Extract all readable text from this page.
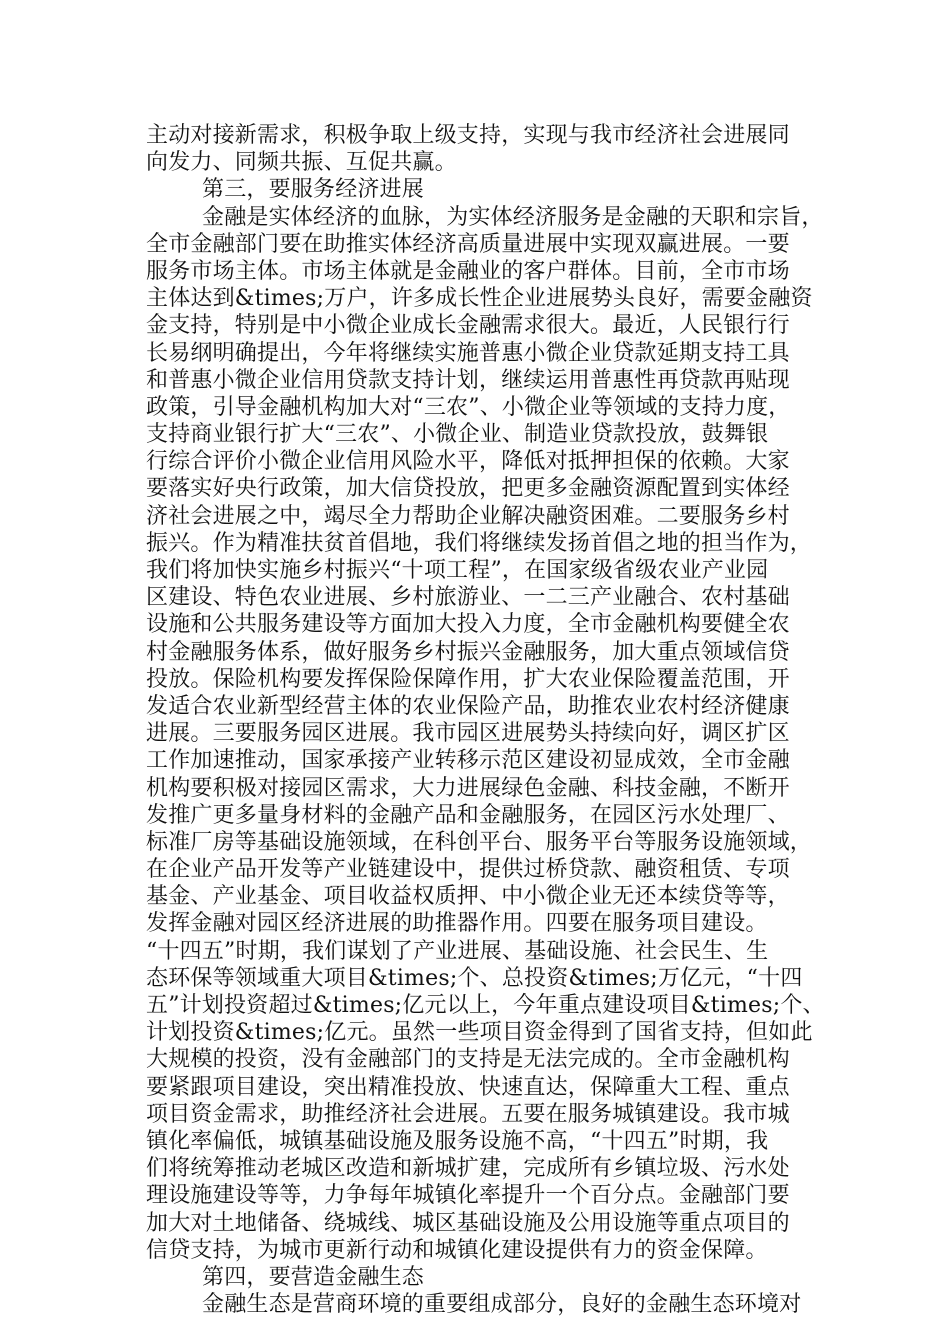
主动对接新需求，积极争取上级支持，实现与我市经济社会进展同
向发力、同频共振、互促共赢。
第三，要服务经济进展
金融是实体经济的血脉，为实体经济服务是金融的天职和宗旨，
全市金融部门要在助推实体经济高质量进展中实现双赢进展。一要
服务市场主体。市场主体就是金融业的客户群体。目前，全市市场
主体达到&times;万户，许多成长性企业进展势头良好，需要金融资
金支持，特别是中小微企业成长金融需求很大。最近，人民银行行
长易纲明确提出，今年将继续实施普惠小微企业贷款延期支持工具
和普惠小微企业信用贷款支持计划，继续运用普惠性再贷款再贴现
政策，引导金融机构加大对“三农”、小微企业等领域的支持力度，
支持商业银行扩大“三农”、小微企业、制造业贷款投放，鼓舞银
行综合评价小微企业信用风险水平，降低对抵押担保的依赖。大家
要落实好央行政策，加大信贷投放，把更多金融资源配置到实体经
济社会进展之中，竭尽全力帮助企业解决融资困难。二要服务乡村
振兴。作为精准扶贫首倡地，我们将继续发扬首倡之地的担当作为，
我们将加快实施乡村振兴“十项工程”，在国家级省级农业产业园
区建设、特色农业进展、乡村旅游业、一二三产业融合、农村基础
设施和公共服务建设等方面加大投入力度，全市金融机构要健全农
村金融服务体系，做好服务乡村振兴金融服务，加大重点领域信贷
投放。保险机构要发挥保险保障作用，扩大农业保险覆盖范围，开
发适合农业新型经营主体的农业保险产品，助推农业农村经济健康
进展。三要服务园区进展。我市园区进展势头持续向好，调区扩区
工作加速推动，国家承接产业转移示范区建设初显成效，全市金融
机构要积极对接园区需求，大力进展绿色金融、科技金融，不断开
发推广更多量身材料的金融产品和金融服务，在园区污水处理厂、
标准厂房等基础设施领域，在科创平台、服务平台等服务设施领域，
在企业产品开发等产业链建设中，提供过桥贷款、融资租赁、专项
基金、产业基金、项目收益权质押、中小微企业无还本续贷等等，
发挥金融对园区经济进展的助推器作用。四要在服务项目建设。
“十四五”时期，我们谋划了产业进展、基础设施、社会民生、生
态环保等领域重大项目&times;个、总投资&times;万亿元，“十四
五”计划投资超过&times;亿元以上，今年重点建设项目&times;个、
计划投资&times;亿元。虽然一些项目资金得到了国省支持，但如此
大规模的投资，没有金融部门的支持是无法完成的。全市金融机构
要紧跟项目建设，突出精准投放、快速直达，保障重大工程、重点
项目资金需求，助推经济社会进展。五要在服务城镇建设。我市城
镇化率偏低，城镇基础设施及服务设施不高，“十四五”时期，我
们将统筹推动老城区改造和新城扩建，完成所有乡镇垃圾、污水处
理设施建设等等，力争每年城镇化率提升一个百分点。金融部门要
加大对土地储备、绕城线、城区基础设施及公用设施等重点项目的
信贷支持，为城市更新行动和城镇化建设提供有力的资金保障。
第四，要营造金融生态
金融生态是营商环境的重要组成部分，良好的金融生态环境对
